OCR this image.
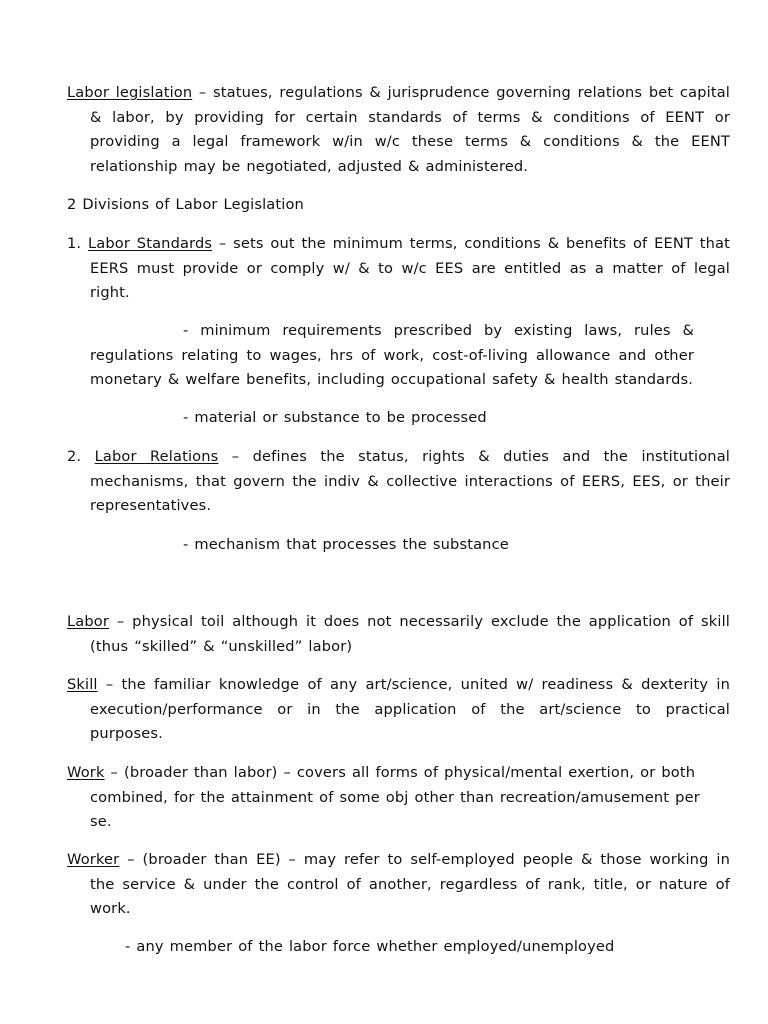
Labor legislation – statues, regulations & jurisprudence governing relations bet capital & labor, by providing for certain standards of terms & conditions of EENT or providing a legal framework w/in w/c these terms & conditions & the EENT relationship may be negotiated, adjusted & administered.

2 Divisions of Labor Legislation

1. Labor Standards – sets out the minimum terms, conditions & benefits of EENT that EERS must provide or comply w/ & to w/c EES are entitled as a matter of legal right.

- minimum requirements prescribed by existing laws, rules & regulations relating to wages, hrs of work, cost-of-living allowance and other monetary & welfare benefits, including occupational safety & health standards.

- material or substance to be processed

2. Labor Relations – defines the status, rights & duties and the institutional mechanisms, that govern the indiv & collective interactions of EERS, EES, or their representatives.

- mechanism that processes the substance

Labor – physical toil although it does not necessarily exclude the application of skill (thus “skilled” & “unskilled” labor)

Skill – the familiar knowledge of any art/science, united w/ readiness & dexterity in execution/performance or in the application of the art/science to practical purposes.

Work – (broader than labor) – covers all forms of physical/mental exertion, or both combined, for the attainment of some obj other than recreation/amusement per se.

Worker – (broader than EE) – may refer to self-employed people & those working in the service & under the control of another, regardless of rank, title, or nature of work.

- any member of the labor force whether employed/unemployed
